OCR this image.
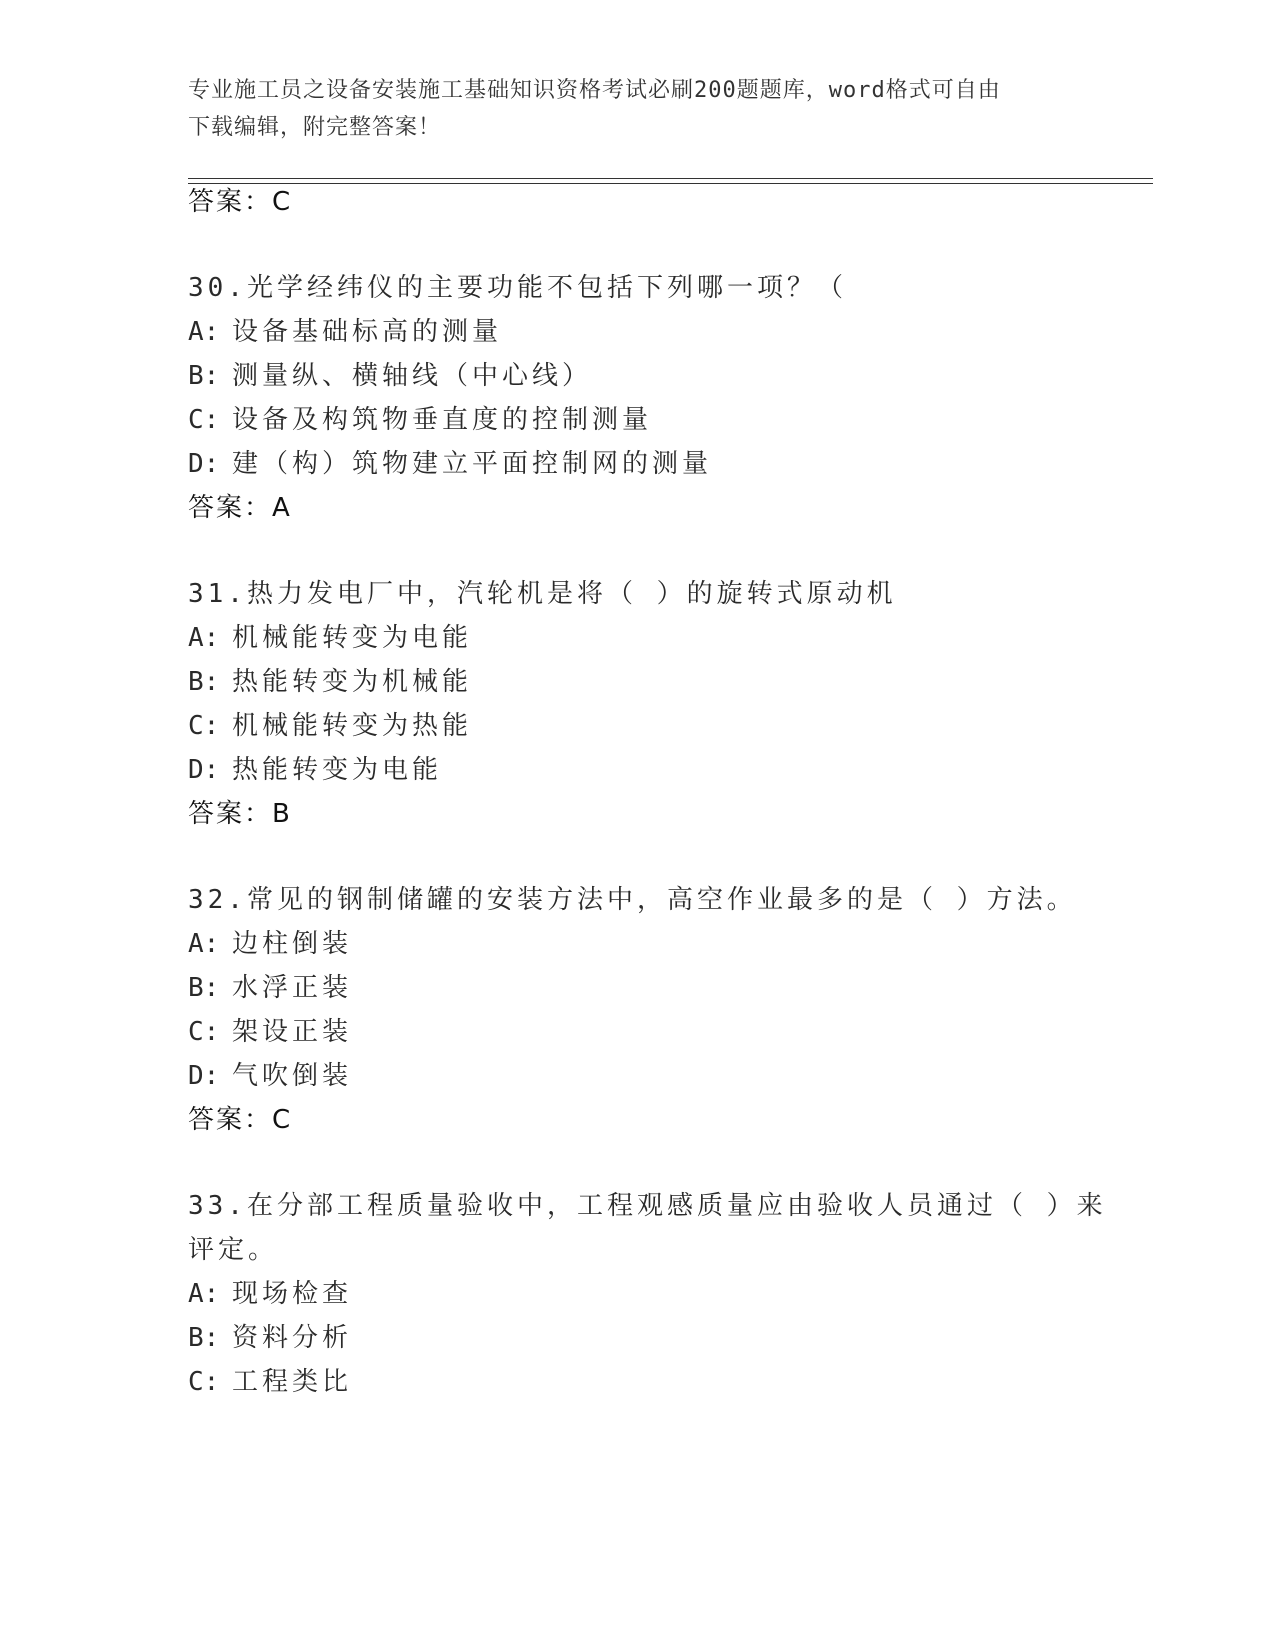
专业施工员之设备安装施工基础知识资格考试必刷200题题库，word格式可自由
下载编辑，附完整答案！
答案：C
30.光学经纬仪的主要功能不包括下列哪一项？（
A: 设备基础标高的测量
B: 测量纵、横轴线（中心线）
C: 设备及构筑物垂直度的控制测量
D: 建（构）筑物建立平面控制网的测量
答案：A
31.热力发电厂中，汽轮机是将（ ）的旋转式原动机
A: 机械能转变为电能
B: 热能转变为机械能
C: 机械能转变为热能
D: 热能转变为电能
答案：B
32.常见的钢制储罐的安装方法中，高空作业最多的是（ ）方法。
A: 边柱倒装
B: 水浮正装
C: 架设正装
D: 气吹倒装
答案：C
33.在分部工程质量验收中，工程观感质量应由验收人员通过（ ）来
评定。
A: 现场检查
B: 资料分析
C: 工程类比
